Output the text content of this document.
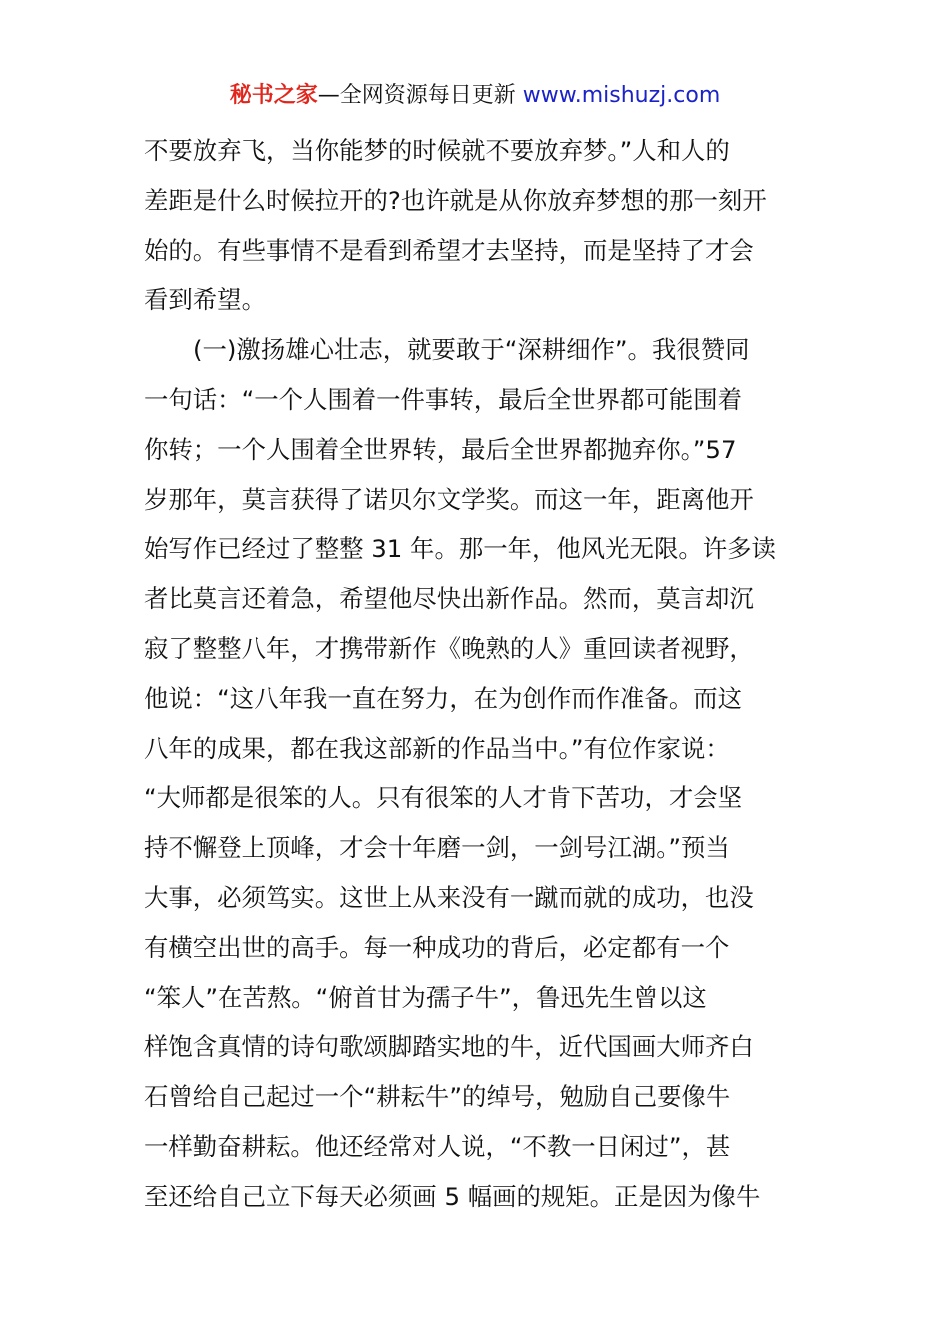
秘书之家—全网资源每日更新 www.mishuzj.com
不要放弃飞，当你能梦的时候就不要放弃梦。”人和人的
差距是什么时候拉开的?也许就是从你放弃梦想的那一刻开
始的。有些事情不是看到希望才去坚持，而是坚持了才会
看到希望。
(一)激扬雄心壮志，就要敢于“深耕细作”。我很赞同
一句话：“一个人围着一件事转，最后全世界都可能围着
你转；一个人围着全世界转，最后全世界都抛弃你。”57
岁那年，莫言获得了诺贝尔文学奖。而这一年，距离他开
始写作已经过了整整 31 年。那一年，他风光无限。许多读
者比莫言还着急，希望他尽快出新作品。然而，莫言却沉
寂了整整八年，才携带新作《晚熟的人》重回读者视野，
他说：“这八年我一直在努力，在为创作而作准备。而这
八年的成果，都在我这部新的作品当中。”有位作家说：
“大师都是很笨的人。只有很笨的人才肯下苦功，才会坚
持不懈登上顶峰，才会十年磨一剑，一剑号江湖。”预当
大事，必须笃实。这世上从来没有一蹴而就的成功，也没
有横空出世的高手。每一种成功的背后，必定都有一个
“笨人”在苦熬。“俯首甘为孺子牛”，鲁迅先生曾以这
样饱含真情的诗句歌颂脚踏实地的牛，近代国画大师齐白
石曾给自己起过一个“耕耘牛”的绰号，勉励自己要像牛
一样勤奋耕耘。他还经常对人说，“不教一日闲过”，甚
至还给自己立下每天必须画 5 幅画的规矩。正是因为像牛
